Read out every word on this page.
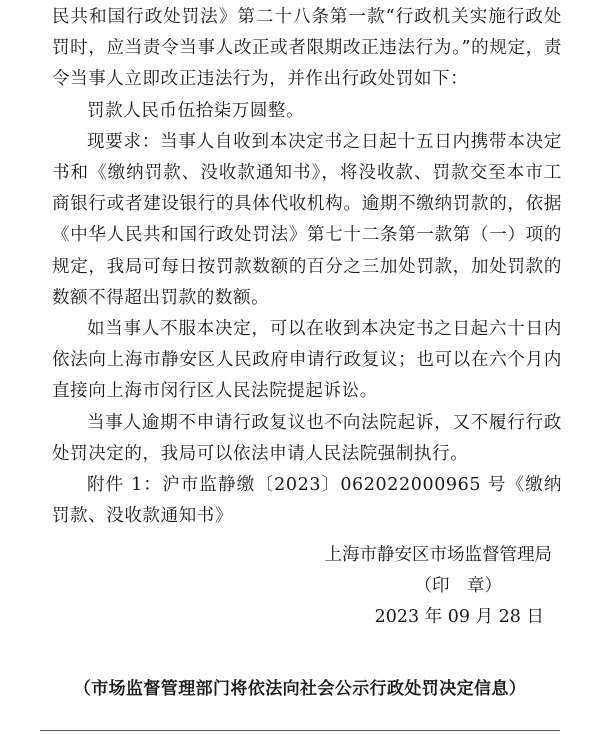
民共和国行政处罚法》第二十八条第一款“行政机关实施行政处罚时，应当责令当事人改正或者限期改正违法行为。”的规定，责令当事人立即改正违法行为，并作出行政处罚如下：

罚款人民币伍拾柒万圆整。

现要求：当事人自收到本决定书之日起十五日内携带本决定书和《缴纳罚款、没收款通知书》，将没收款、罚款交至本市工商银行或者建设银行的具体代收机构。逾期不缴纳罚款的，依据《中华人民共和国行政处罚法》第七十二条第一款第（一）项的规定，我局可每日按罚款数额的百分之三加处罚款，加处罚款的数额不得超出罚款的数额。

如当事人不服本决定，可以在收到本决定书之日起六十日内依法向上海市静安区人民政府申请行政复议；也可以在六个月内直接向上海市闵行区人民法院提起诉讼。

当事人逾期不申请行政复议也不向法院起诉，又不履行行政处罚决定的，我局可以依法申请人民法院强制执行。

附件 1：沪市监静缴〔2023〕062022000965 号《缴纳罚款、没收款通知书》

上海市静安区市场监督管理局
（印　章）
2023 年 09 月 28 日
（市场监督管理部门将依法向社会公示行政处罚决定信息）
